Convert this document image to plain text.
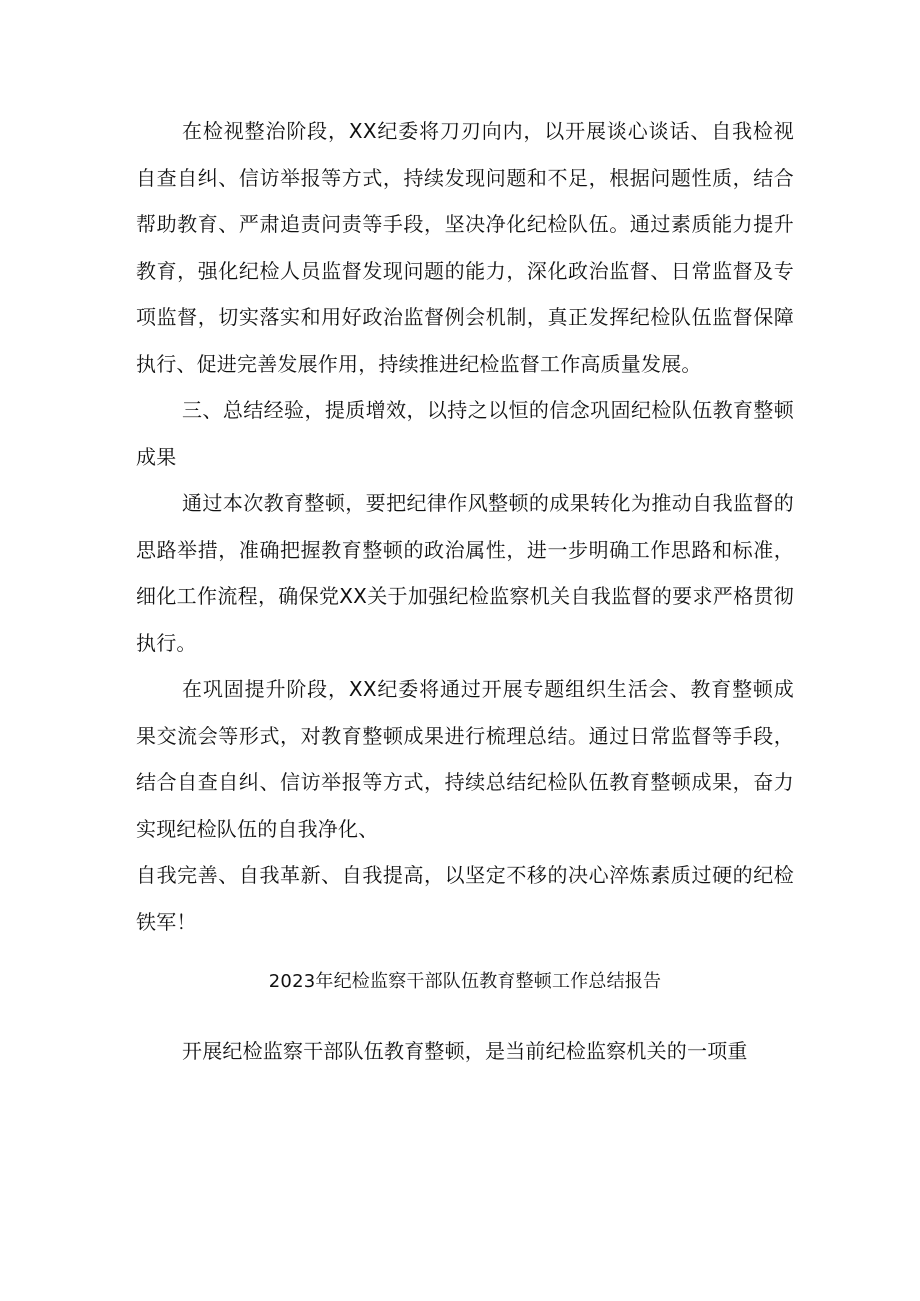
在检视整治阶段，XX纪委将刀刃向内，以开展谈心谈话、自我检视自查自纠、信访举报等方式，持续发现问题和不足，根据问题性质，结合帮助教育、严肃追责问责等手段，坚决净化纪检队伍。通过素质能力提升教育，强化纪检人员监督发现问题的能力，深化政治监督、日常监督及专项监督，切实落实和用好政治监督例会机制，真正发挥纪检队伍监督保障执行、促进完善发展作用，持续推进纪检监督工作高质量发展。

三、总结经验，提质增效，以持之以恒的信念巩固纪检队伍教育整顿成果

通过本次教育整顿，要把纪律作风整顿的成果转化为推动自我监督的思路举措，准确把握教育整顿的政治属性，进一步明确工作思路和标准，细化工作流程，确保党XX关于加强纪检监察机关自我监督的要求严格贯彻执行。

在巩固提升阶段，XX纪委将通过开展专题组织生活会、教育整顿成果交流会等形式，对教育整顿成果进行梳理总结。通过日常监督等手段，结合自查自纠、信访举报等方式，持续总结纪检队伍教育整顿成果，奋力实现纪检队伍的自我净化、

自我完善、自我革新、自我提高，以坚定不移的决心淬炼素质过硬的纪检铁军！

2023年纪检监察干部队伍教育整顿工作总结报告

开展纪检监察干部队伍教育整顿，是当前纪检监察机关的一项重
